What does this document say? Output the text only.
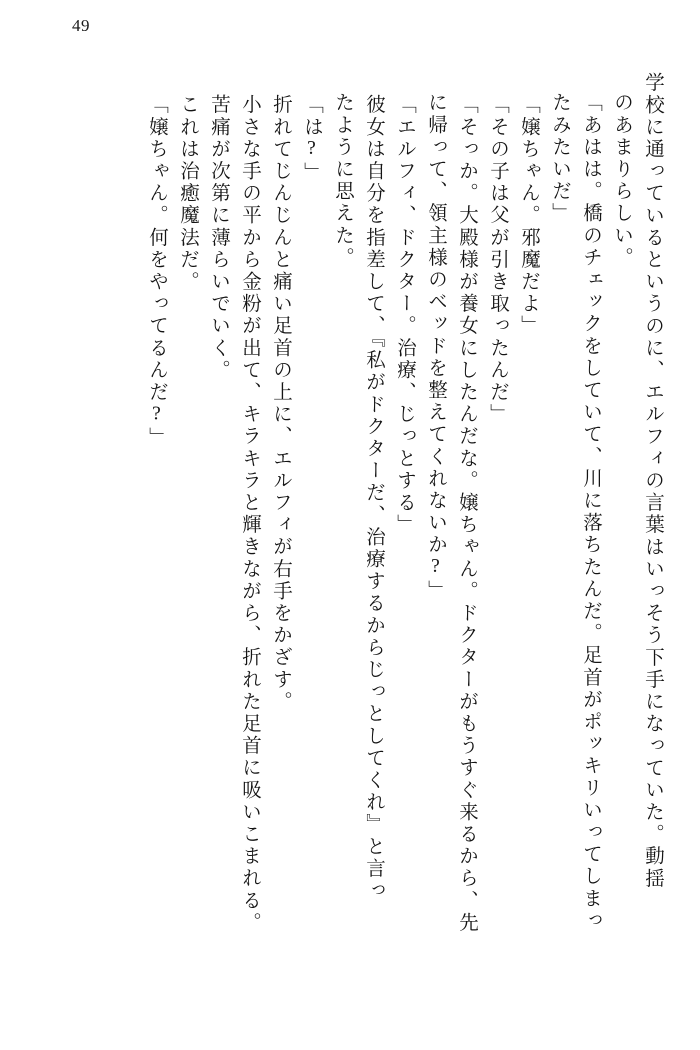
49
学校に通っているというのに、エルフィの言葉はいっそう下手になっていた。動揺
のあまりらしい。
「あはは。橋のチェックをしていて、川に落ちたんだ。足首がポッキリいってしまっ
たみたいだ」
「嬢ちゃん。邪魔だよ」
「その子は父が引き取ったんだ」
「そっか。大殿様が養女にしたんだな。嬢ちゃん。ドクターがもうすぐ来るから、先
に帰って、領主様のベッドを整えてくれないか?」
「エルフィ、ドクター。治療、じっとする」
彼女は自分を指差して、『私がドクターだ、治療するからじっとしてくれ』と言っ
たように思えた。
「は?」
折れてじんじんと痛い足首の上に、エルフィが右手をかざす。
小さな手の平から金粉が出て、キラキラと輝きながら、折れた足首に吸いこまれる。
苦痛が次第に薄らいでいく。
これは治癒魔法だ。
「嬢ちゃん。何をやってるんだ?」
